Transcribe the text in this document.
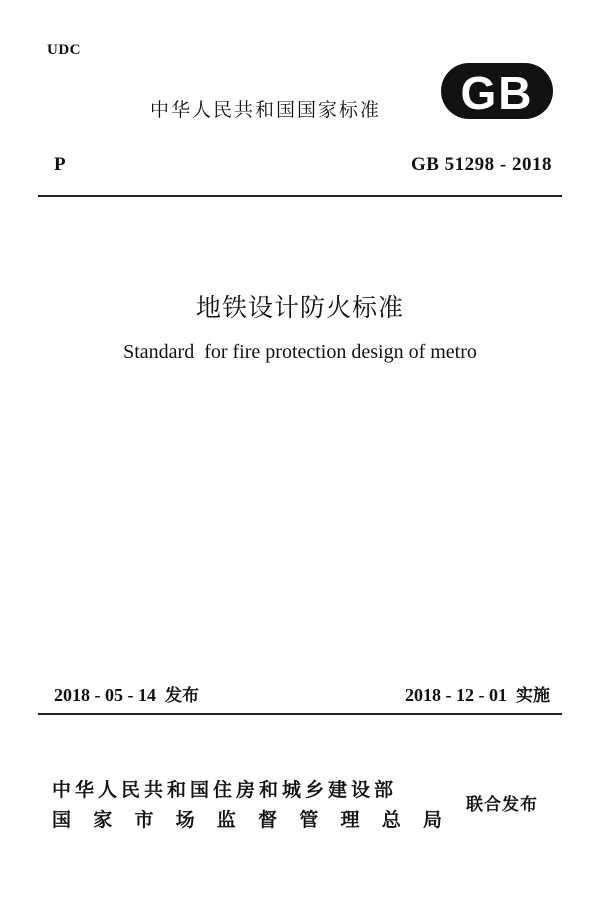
UDC
中华人民共和国国家标准 GB
P	GB 51298 - 2018
地铁设计防火标准
Standard  for fire protection design of metro
2018 - 05 - 14 发布	2018 - 12 - 01 实施
中华人民共和国住房和城乡建设部
国 家 市 场 监 督 管 理 总 局
联合发布
